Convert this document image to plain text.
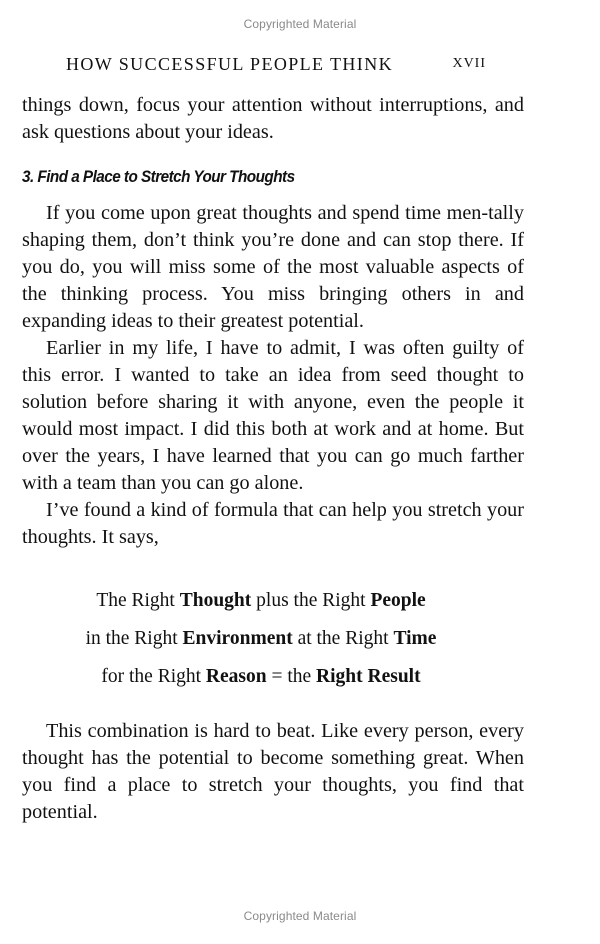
Copyrighted Material
HOW SUCCESSFUL PEOPLE THINK	XVII
things down, focus your attention without interruptions, and ask questions about your ideas.
3. Find a Place to Stretch Your Thoughts
If you come upon great thoughts and spend time men-tally shaping them, don’t think you’re done and can stop there. If you do, you will miss some of the most valuable aspects of the thinking process. You miss bringing others in and expanding ideas to their greatest potential.
Earlier in my life, I have to admit, I was often guilty of this error. I wanted to take an idea from seed thought to solution before sharing it with anyone, even the people it would most impact. I did this both at work and at home. But over the years, I have learned that you can go much farther with a team than you can go alone.
I’ve found a kind of formula that can help you stretch your thoughts. It says,
The Right Thought plus the Right People
in the Right Environment at the Right Time
for the Right Reason = the Right Result
This combination is hard to beat. Like every person, every thought has the potential to become something great. When you find a place to stretch your thoughts, you find that potential.
Copyrighted Material
